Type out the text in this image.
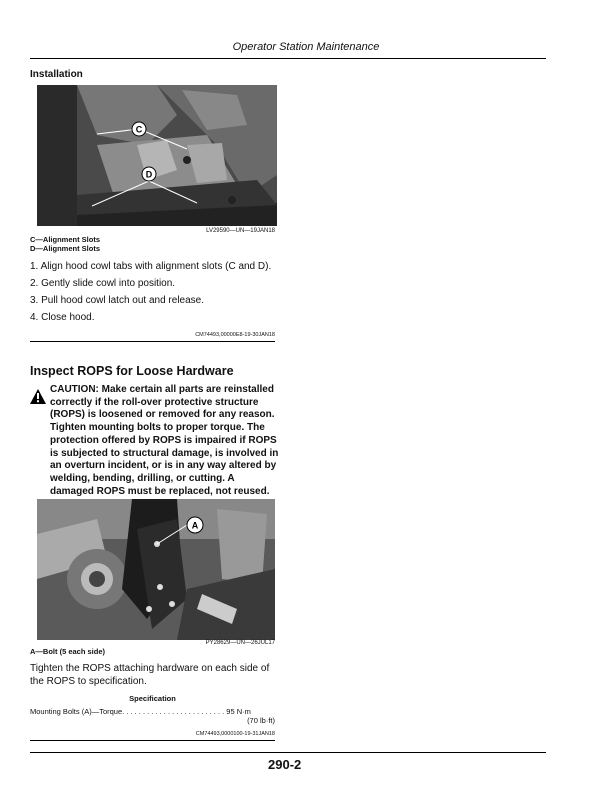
Operator Station Maintenance
Installation
C
D
LV29590—UN—19JAN18
C—Alignment Slots
D—Alignment Slots
1. Align hood cowl tabs with alignment slots (C and D).
2. Gently slide cowl into position.
3. Pull hood cowl latch out and release.
4. Close hood.
CM74493,00000E8-19-30JAN18
Inspect ROPS for Loose Hardware
CAUTION: Make certain all parts are reinstalled
correctly if the roll-over protective structure
(ROPS) is loosened or removed for any reason.
Tighten mounting bolts to proper torque. The
protection offered by ROPS is impaired if ROPS
is subjected to structural damage, is involved in
an overturn incident, or is in any way altered by
welding, bending, drilling, or cutting. A
damaged ROPS must be replaced, not reused.
A
PY28629—UN—26JUL17
A—Bolt (5 each side)
Tighten the ROPS attaching hardware on each side of
the ROPS to specification.
Specification
Mounting Bolts (A)—Torque. . . . . . . . . . . . . . . . . . . . . . . . . 95 N·m
(70 lb·ft)
CM74493,0000100-19-31JAN18
290-2
